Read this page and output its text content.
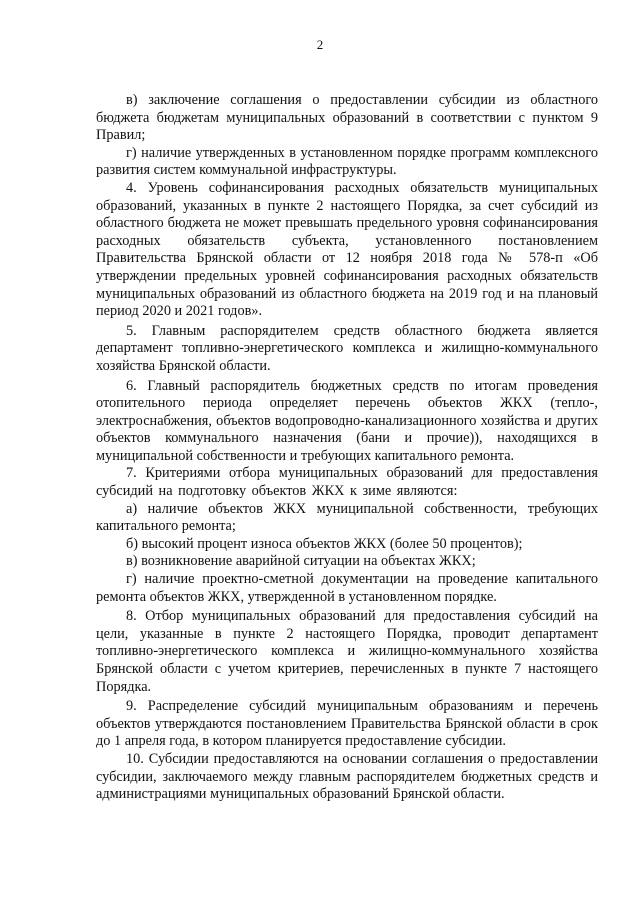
2

в) заключение соглашения о предоставлении субсидии из областного бюджета бюджетам муниципальных образований в соответствии с пунктом 9 Правил;

г) наличие утвержденных в установленном порядке программ комплексного развития систем коммунальной инфраструктуры.

4. Уровень софинансирования расходных обязательств муниципальных образований, указанных в пункте 2 настоящего Порядка, за счет субсидий из областного бюджета не может превышать предельного уровня софинансирования расходных обязательств субъекта, установленного постановлением Правительства Брянской области от 12 ноября 2018 года № 578-п «Об утверждении предельных уровней софинансирования расходных обязательств муниципальных образований из областного бюджета на 2019 год и на плановый период 2020 и 2021 годов».

5. Главным распорядителем средств областного бюджета является департамент топливно-энергетического комплекса и жилищно-коммунального хозяйства Брянской области.

6. Главный распорядитель бюджетных средств по итогам проведения отопительного периода определяет перечень объектов ЖКХ (тепло-, электроснабжения, объектов водопроводно-канализационного хозяйства и других объектов коммунального назначения (бани и прочие)), находящихся в муниципальной собственности и требующих капитального ремонта.

7. Критериями отбора муниципальных образований для предоставления субсидий на подготовку объектов ЖКХ к зиме являются:

а) наличие объектов ЖКХ муниципальной собственности, требующих капитального ремонта;

б) высокий процент износа объектов ЖКХ (более 50 процентов);

в) возникновение аварийной ситуации на объектах ЖКХ;

г) наличие проектно-сметной документации на проведение капитального ремонта объектов ЖКХ, утвержденной в установленном порядке.

8. Отбор муниципальных образований для предоставления субсидий на цели, указанные в пункте 2 настоящего Порядка, проводит департамент топливно-энергетического комплекса и жилищно-коммунального хозяйства Брянской области с учетом критериев, перечисленных в пункте 7 настоящего Порядка.

9. Распределение субсидий муниципальным образованиям и перечень объектов утверждаются постановлением Правительства Брянской области в срок до 1 апреля года, в котором планируется предоставление субсидии.

10. Субсидии предоставляются на основании соглашения о предоставлении субсидии, заключаемого между главным распорядителем бюджетных средств и администрациями муниципальных образований Брянской области.
